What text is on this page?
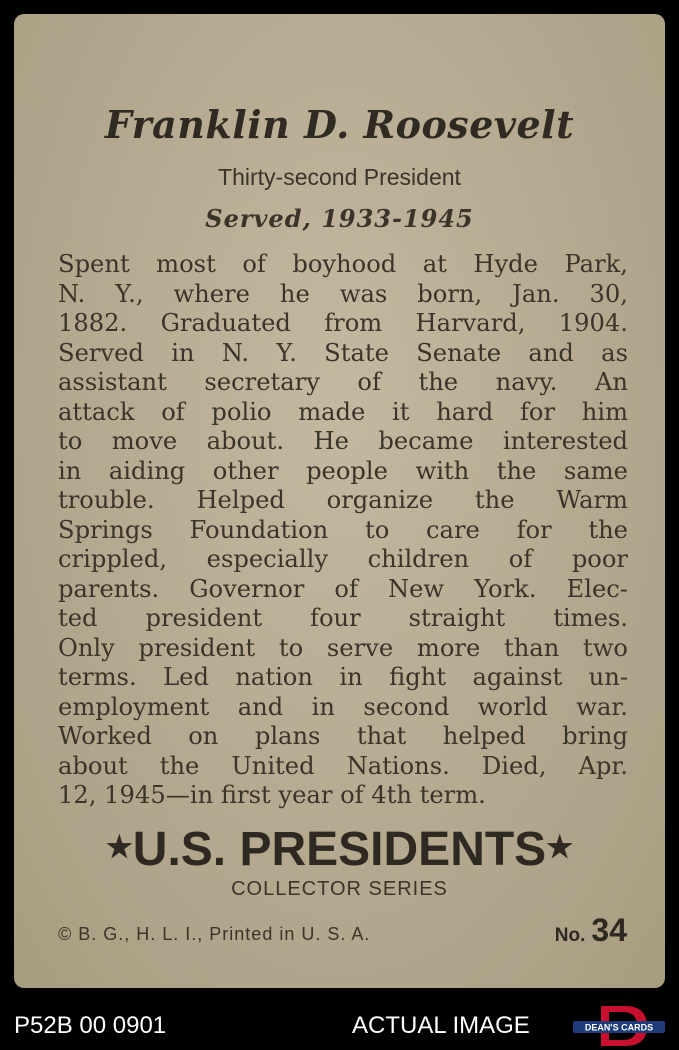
Franklin D. Roosevelt
Thirty-second President
Served, 1933-1945
Spent most of boyhood at Hyde Park,
N. Y., where he was born, Jan. 30,
1882. Graduated from Harvard, 1904.
Served in N. Y. State Senate and as
assistant secretary of the navy. An
attack of polio made it hard for him
to move about. He became interested
in aiding other people with the same
trouble. Helped organize the Warm
Springs Foundation to care for the
crippled, especially children of poor
parents. Governor of New York. Elec-
ted president four straight times.
Only president to serve more than two
terms. Led nation in fight against un-
employment and in second world war.
Worked on plans that helped bring
about the United Nations. Died, Apr.
12, 1945—in first year of 4th term.
★U.S. PRESIDENTS★
COLLECTOR SERIES
© B. G., H. L. I., Printed in U. S. A.	No. 34
P52B 00 0901	ACTUAL IMAGE	DEAN'S CARDS
